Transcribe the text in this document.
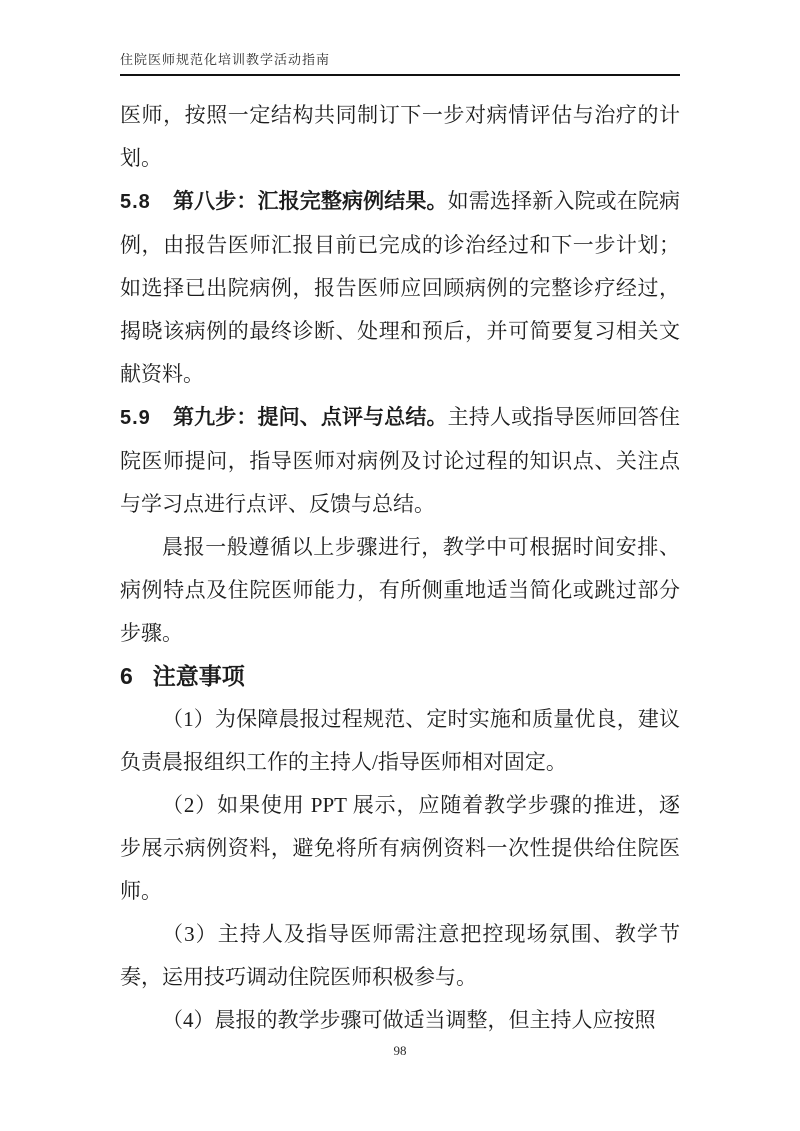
住院医师规范化培训教学活动指南

医师，按照一定结构共同制订下一步对病情评估与治疗的计划。

5.8 第八步：汇报完整病例结果。如需选择新入院或在院病例，由报告医师汇报目前已完成的诊治经过和下一步计划；如选择已出院病例，报告医师应回顾病例的完整诊疗经过，揭晓该病例的最终诊断、处理和预后，并可简要复习相关文献资料。

5.9 第九步：提问、点评与总结。主持人或指导医师回答住院医师提问，指导医师对病例及讨论过程的知识点、关注点与学习点进行点评、反馈与总结。

晨报一般遵循以上步骤进行，教学中可根据时间安排、病例特点及住院医师能力，有所侧重地适当简化或跳过部分步骤。

6 注意事项

（1）为保障晨报过程规范、定时实施和质量优良，建议负责晨报组织工作的主持人/指导医师相对固定。

（2）如果使用 PPT 展示，应随着教学步骤的推进，逐步展示病例资料，避免将所有病例资料一次性提供给住院医师。

（3）主持人及指导医师需注意把控现场氛围、教学节奏，运用技巧调动住院医师积极参与。

（4）晨报的教学步骤可做适当调整，但主持人应按照

98
